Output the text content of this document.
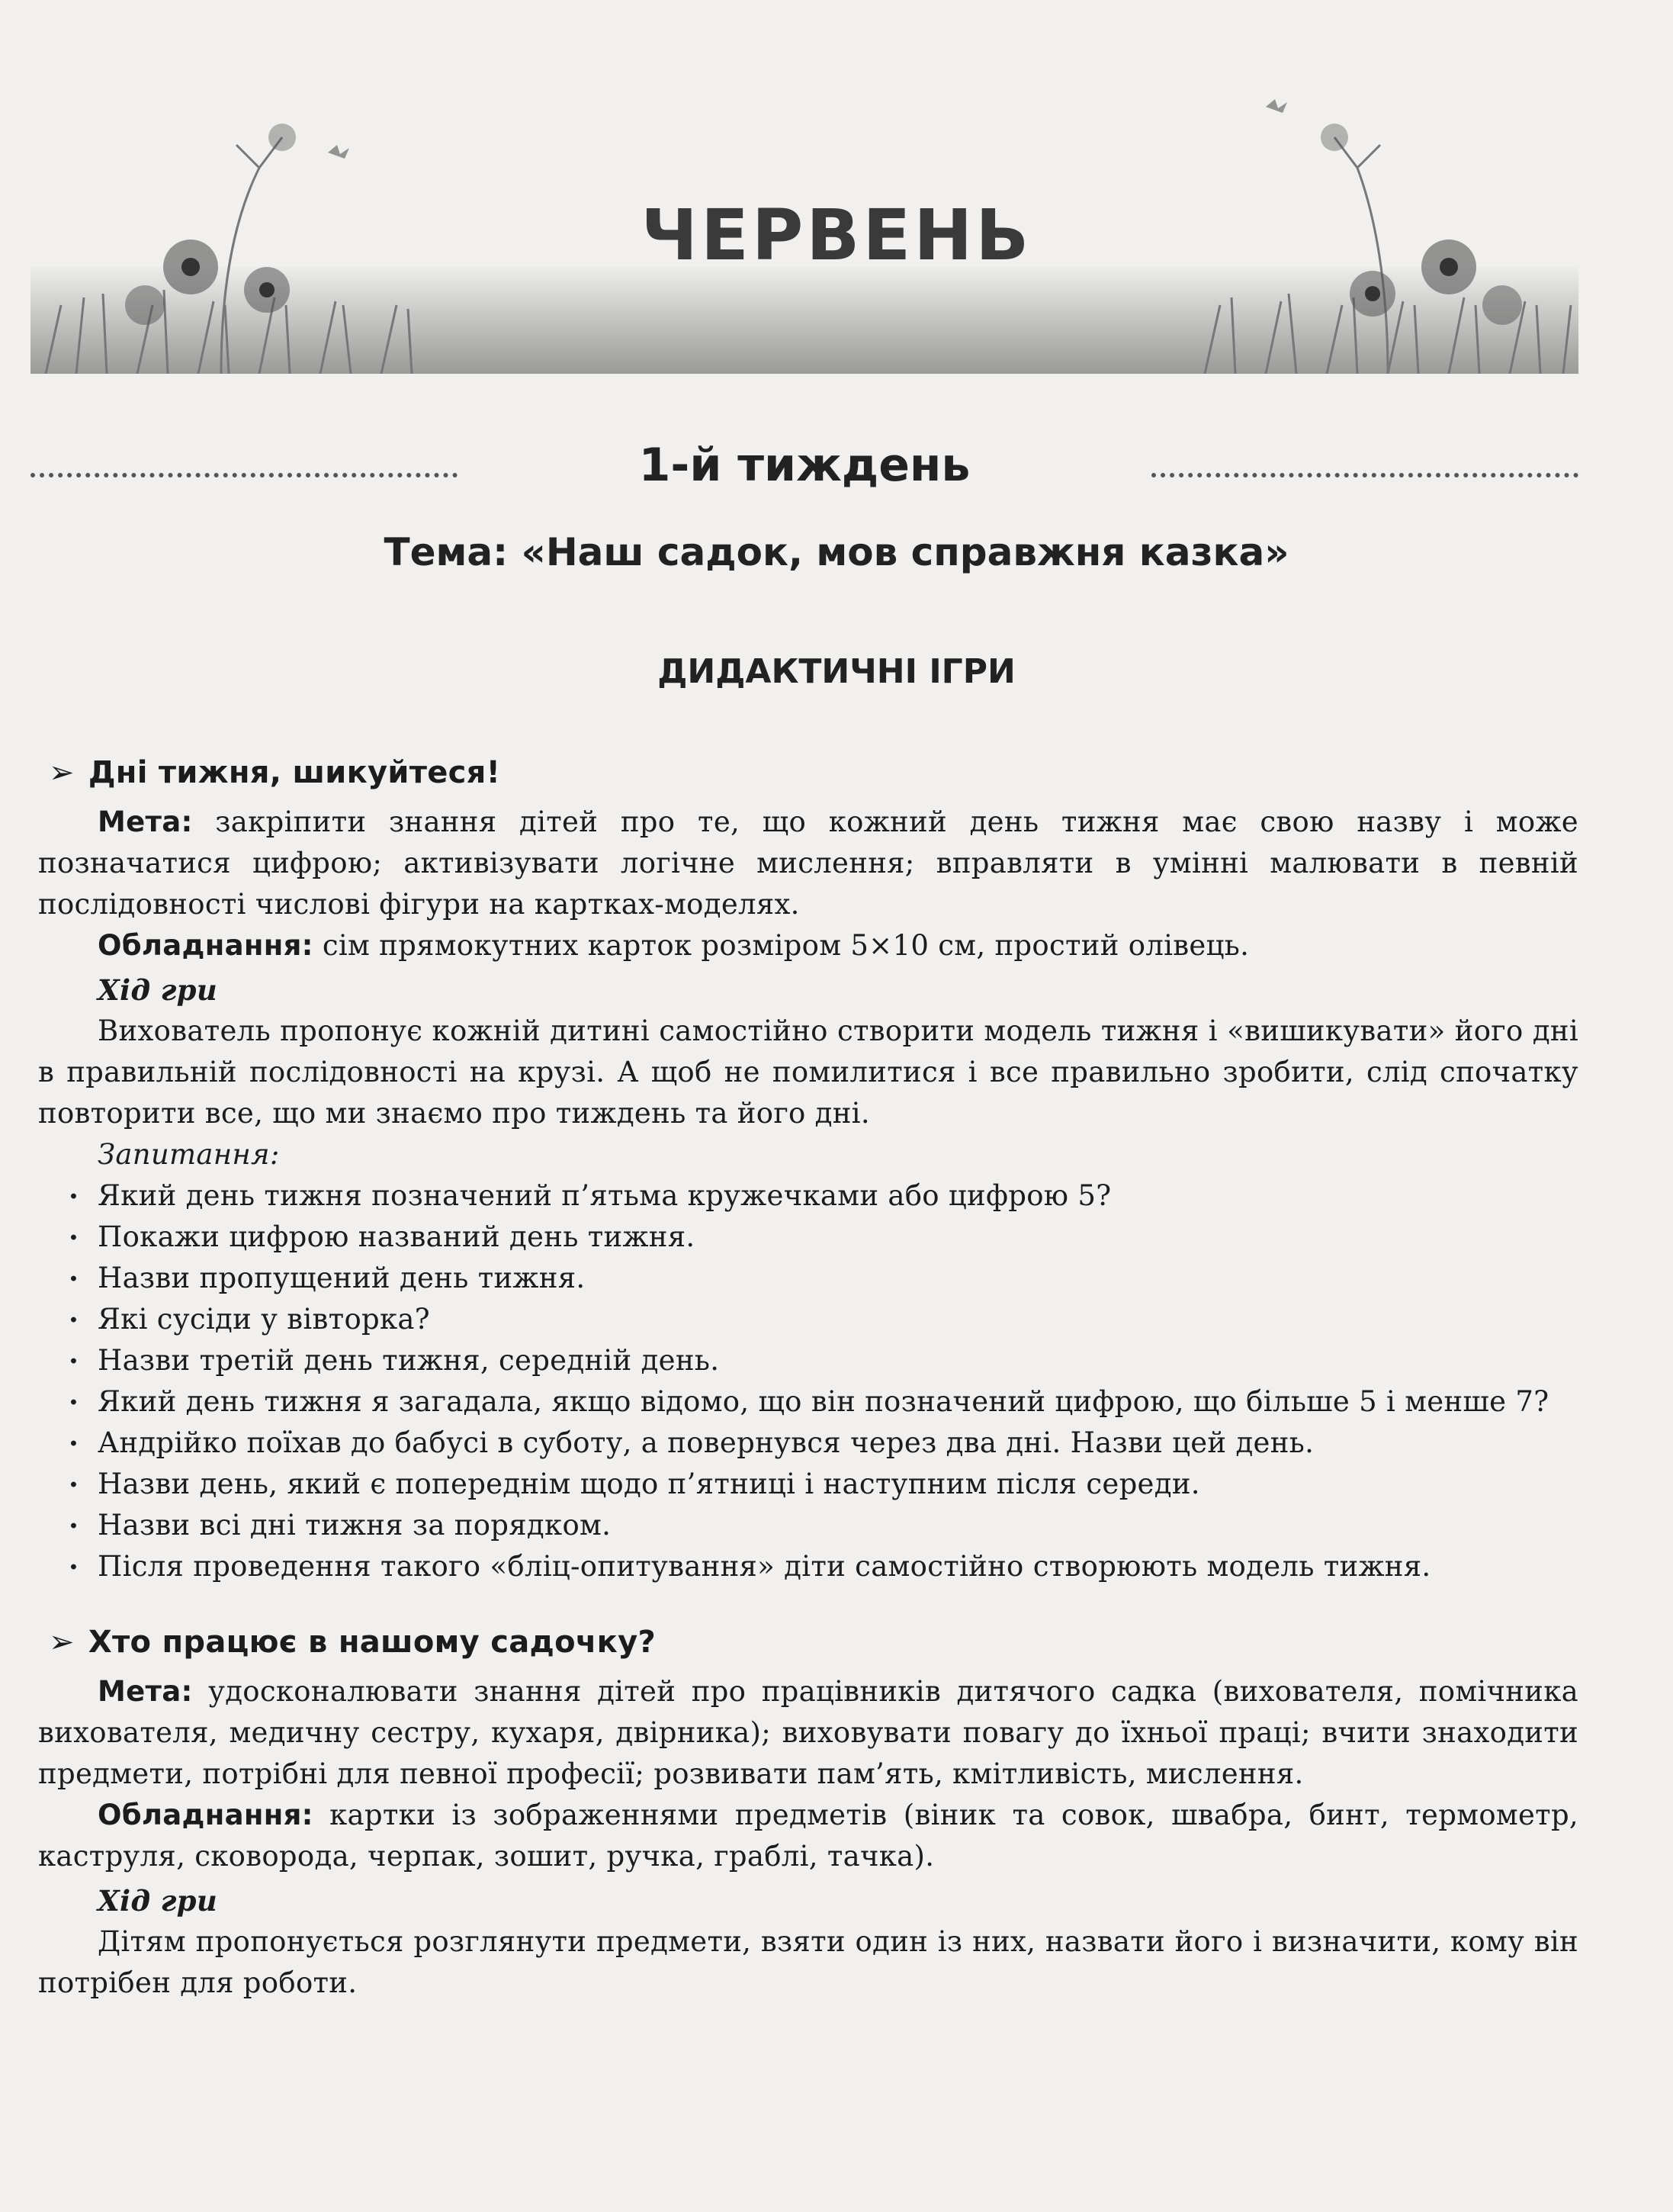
ЧЕРВЕНЬ
1-й тиждень
Тема: «Наш садок, мов справжня казка»
ДИДАКТИЧНІ ІГРИ

➢ Дні тижня, шикуйтеся!

Мета: закріпити знання дітей про те, що кожний день тижня має свою назву і може позначатися цифрою; активізувати логічне мислення; вправляти в умінні малювати в певній послідовності числові фігури на картках-моделях.

Обладнання: сім прямокутних карток розміром 5×10 см, простий олівець.

Хід гри

Вихователь пропонує кожній дитині самостійно створити модель тижня і «вишикувати» його дні в правильній послідовності на крузі. А щоб не помилитися і все правильно зробити, слід спочатку повторити все, що ми знаємо про тиждень та його дні.

Запитання:

· Який день тижня позначений п’ятьма кружечками або цифрою 5?
· Покажи цифрою названий день тижня.
· Назви пропущений день тижня.
· Які сусіди у вівторка?
· Назви третій день тижня, середній день.
· Який день тижня я загадала, якщо відомо, що він позначений цифрою, що більше 5 і менше 7?
· Андрійко поїхав до бабусі в суботу, а повернувся через два дні. Назви цей день.
· Назви день, який є попереднім щодо п’ятниці і наступним після середи.
· Назви всі дні тижня за порядком.
· Після проведення такого «бліц-опитування» діти самостійно створюють модель тижня.

➢ Хто працює в нашому садочку?

Мета: удосконалювати знання дітей про працівників дитячого садка (вихователя, помічника вихователя, медичну сестру, кухаря, двірника); виховувати повагу до їхньої праці; вчити знаходити предмети, потрібні для певної професії; розвивати пам’ять, кмітливість, мислення.

Обладнання: картки із зображеннями предметів (віник та совок, швабра, бинт, термометр, каструля, сковорода, черпак, зошит, ручка, граблі, тачка).

Хід гри

Дітям пропонується розглянути предмети, взяти один із них, назвати його і визначити, кому він потрібен для роботи.
